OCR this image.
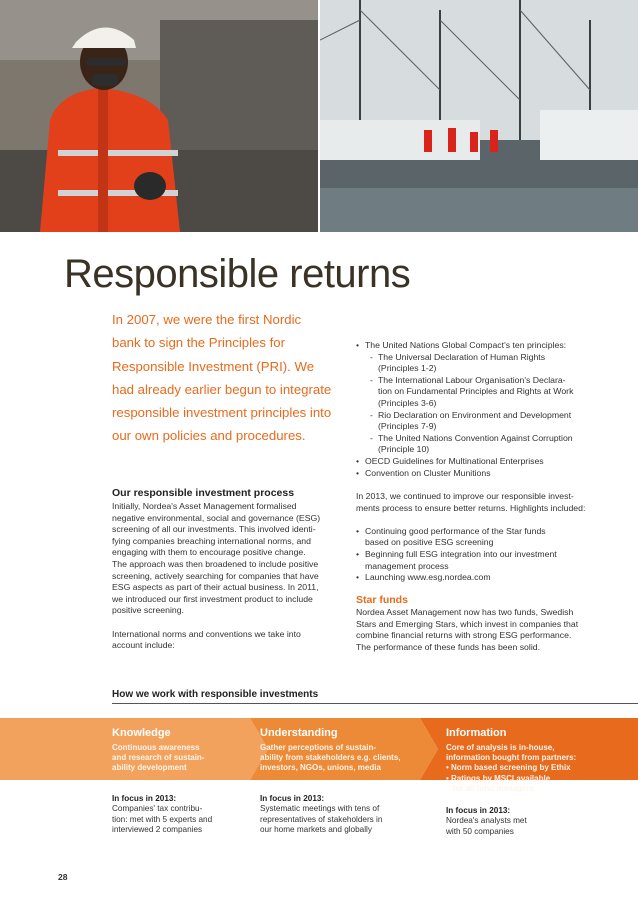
Responsible returns
In 2007, we were the first Nordic
bank to sign the Principles for
Responsible Investment (PRI). We
had already earlier begun to integrate
responsible investment principles into
our own policies and procedures.
Our responsible investment process

Initially, Nordea's Asset Management formalised
negative environmental, social and governance (ESG)
screening of all our investments. This involved identi-
fying companies breaching international norms, and
engaging with them to encourage positive change.
The approach was then broadened to include positive
screening, actively searching for companies that have
ESG aspects as part of their actual business. In 2011,
we introduced our first investment product to include
positive screening.

International norms and conventions we take into
account include:

• The United Nations Global Compact's ten principles:
- The Universal Declaration of Human Rights
(Principles 1-2)
- The International Labour Organisation's Declara-
tion on Fundamental Principles and Rights at Work
(Principles 3-6)
- Rio Declaration on Environment and Development
(Principles 7-9)
- The United Nations Convention Against Corruption
(Principle 10)
• OECD Guidelines for Multinational Enterprises
• Convention on Cluster Munitions
In 2013, we continued to improve our responsible invest-
ments process to ensure better returns. Highlights included:
• Continuing good performance of the Star funds
based on positive ESG screening
• Beginning full ESG integration into our investment
management process
• Launching www.esg.nordea.com
Star funds
Nordea Asset Management now has two funds, Swedish
Stars and Emerging Stars, which invest in companies that
combine financial returns with strong ESG performance.
The performance of these funds has been solid.
How we work with responsible investments
Knowledge
Continuous awareness
and research of sustain-
ability development
Understanding
Gather perceptions of sustain-
ability from stakeholders e.g. clients,
investors, NGOs, unions, media
Information
Core of analysis is in-house,
information bought from partners:
• Norm based screening by Ethix
• Ratings by MSCI available
for all fund managers
In focus in 2013:
Companies' tax contribu-
tion: met with 5 experts and
interviewed 2 companies
In focus in 2013:
Systematic meetings with tens of
representatives of stakeholders in
our home markets and globally
In focus in 2013:
Nordea's analysts met
with 50 companies
28
